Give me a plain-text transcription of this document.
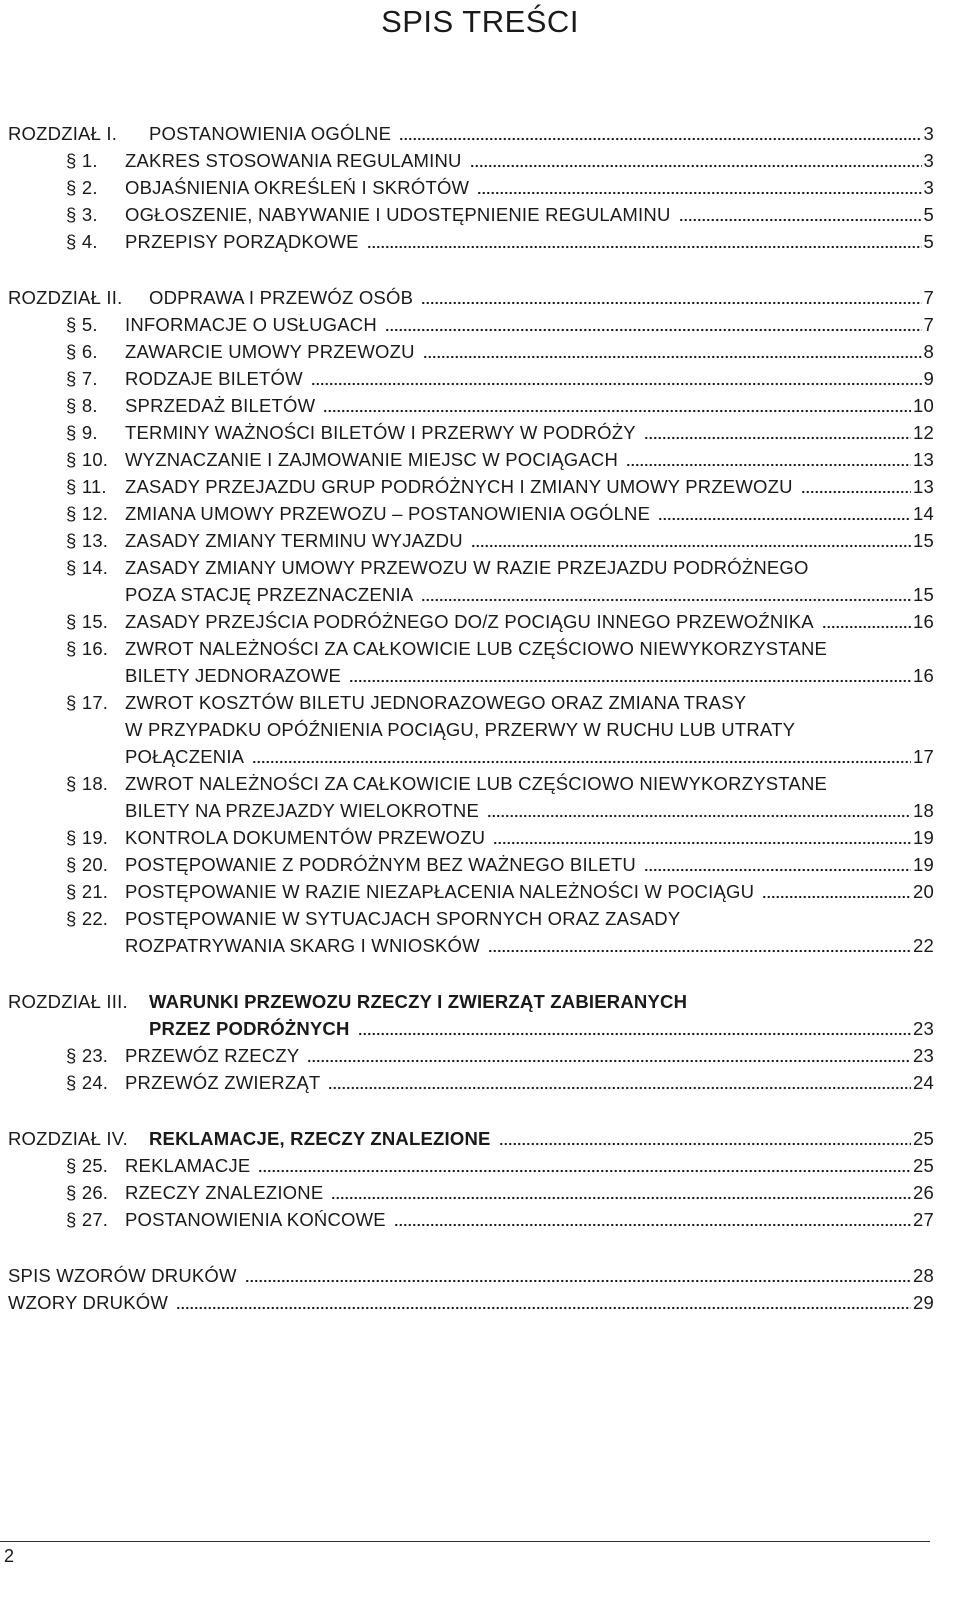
SPIS TREŚCI
ROZDZIAŁ I. POSTANOWIENIA OGÓLNE	3
§ 1. ZAKRES STOSOWANIA REGULAMINU	3
§ 2. OBJAŚNIENIA OKREŚLEŃ I SKRÓTÓW	3
§ 3. OGŁOSZENIE, NABYWANIE I UDOSTĘPNIENIE REGULAMINU	5
§ 4. PRZEPISY PORZĄDKOWE	5
ROZDZIAŁ II. ODPRAWA I PRZEWÓZ OSÓB	7
§ 5. INFORMACJE O USŁUGACH	7
§ 6. ZAWARCIE UMOWY PRZEWOZU	8
§ 7. RODZAJE BILETÓW	9
§ 8. SPRZEDAŻ BILETÓW	10
§ 9. TERMINY WAŻNOŚCI BILETÓW I PRZERWY W PODRÓŻY	12
§ 10. WYZNACZANIE I ZAJMOWANIE MIEJSC W POCIĄGACH	13
§ 11. ZASADY PRZEJAZDU GRUP PODRÓŻNYCH I ZMIANY UMOWY PRZEWOZU	13
§ 12. ZMIANA UMOWY PRZEWOZU – POSTANOWIENIA OGÓLNE	14
§ 13. ZASADY ZMIANY TERMINU WYJAZDU	15
§ 14. ZASADY ZMIANY UMOWY PRZEWOZU W RAZIE PRZEJAZDU PODRÓŻNEGO
POZA STACJĘ PRZEZNACZENIA	15
§ 15. ZASADY PRZEJŚCIA PODRÓŻNEGO DO/Z POCIĄGU INNEGO PRZEWOŹNIKA	16
§ 16. ZWROT NALEŻNOŚCI ZA CAŁKOWICIE LUB CZĘŚCIOWO NIEWYKORZYSTANE
BILETY JEDNORAZOWE	16
§ 17. ZWROT KOSZTÓW BILETU JEDNORAZOWEGO ORAZ ZMIANA TRASY
W PRZYPADKU OPÓŹNIENIA POCIĄGU, PRZERWY W RUCHU LUB UTRATY
POŁĄCZENIA	17
§ 18. ZWROT NALEŻNOŚCI ZA CAŁKOWICIE LUB CZĘŚCIOWO NIEWYKORZYSTANE
BILETY NA PRZEJAZDY WIELOKROTNE	18
§ 19. KONTROLA DOKUMENTÓW PRZEWOZU	19
§ 20. POSTĘPOWANIE Z PODRÓŻNYM BEZ WAŻNEGO BILETU	19
§ 21. POSTĘPOWANIE W RAZIE NIEZAPŁACENIA NALEŻNOŚCI W POCIĄGU	20
§ 22. POSTĘPOWANIE W SYTUACJACH SPORNYCH ORAZ ZASADY
ROZPATRYWANIA SKARG I WNIOSKÓW	22
ROZDZIAŁ III. WARUNKI PRZEWOZU RZECZY I ZWIERZĄT ZABIERANYCH
PRZEZ PODRÓŻNYCH	23
§ 23. PRZEWÓZ RZECZY	23
§ 24. PRZEWÓZ ZWIERZĄT	24
ROZDZIAŁ IV. REKLAMACJE, RZECZY ZNALEZIONE	25
§ 25. REKLAMACJE	25
§ 26. RZECZY ZNALEZIONE	26
§ 27. POSTANOWIENIA KOŃCOWE	27
SPIS WZORÓW DRUKÓW	28
WZORY DRUKÓW	29
2
